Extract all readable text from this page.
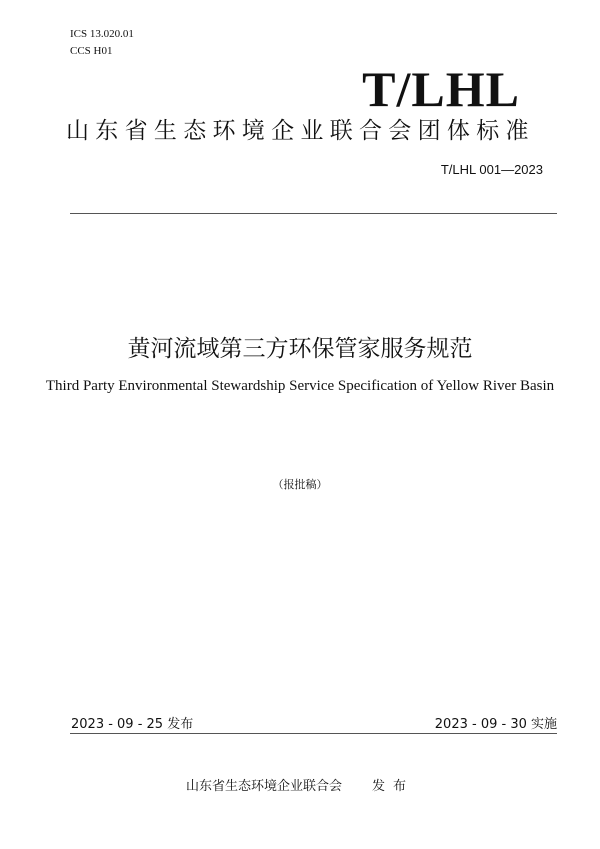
ICS 13.020.01
CCS H01
T/LHL
山东省生态环境企业联合会团体标准
T/LHL 001—2023
黄河流域第三方环保管家服务规范
Third Party Environmental Stewardship Service Specification of Yellow River Basin
（报批稿）
2023 - 09 - 25 发布	2023 - 09 - 30 实施
山东省生态环境企业联合会 发布
